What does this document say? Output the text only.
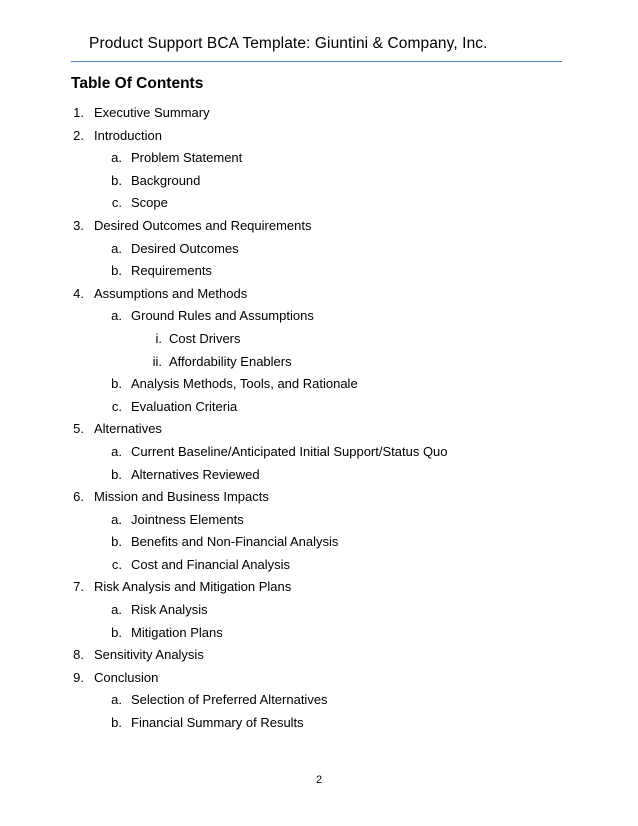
Product Support BCA Template: Giuntini & Company, Inc.
Table Of Contents
1. Executive Summary
2. Introduction
a. Problem Statement
b. Background
c. Scope
3. Desired Outcomes and Requirements
a. Desired Outcomes
b. Requirements
4. Assumptions and Methods
a. Ground Rules and Assumptions
i. Cost Drivers
ii. Affordability Enablers
b. Analysis Methods, Tools, and Rationale
c. Evaluation Criteria
5. Alternatives
a. Current Baseline/Anticipated Initial Support/Status Quo
b. Alternatives Reviewed
6. Mission and Business Impacts
a. Jointness Elements
b. Benefits and Non-Financial Analysis
c. Cost and Financial Analysis
7. Risk Analysis and Mitigation Plans
a. Risk Analysis
b. Mitigation Plans
8. Sensitivity Analysis
9. Conclusion
a. Selection of Preferred Alternatives
b. Financial Summary of Results
2
